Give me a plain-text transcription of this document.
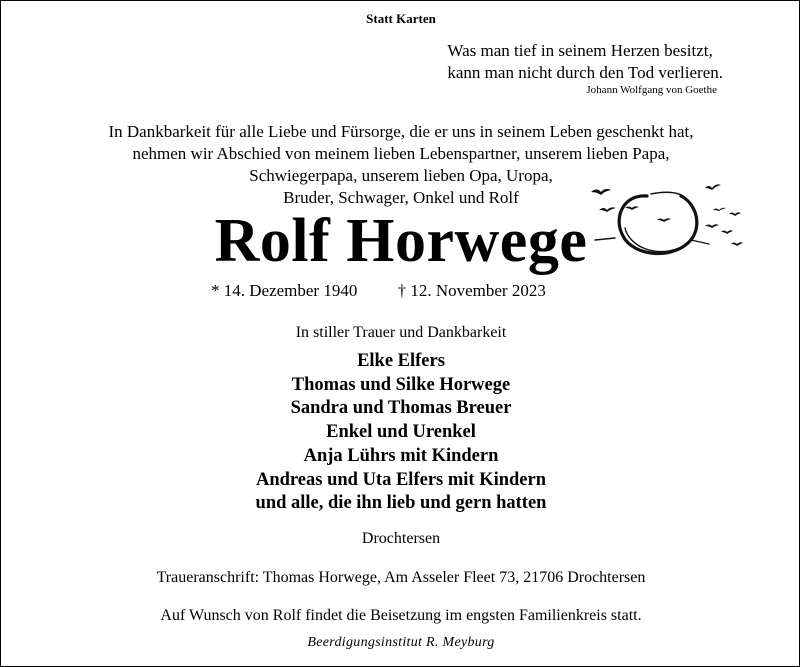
Statt Karten
Was man tief in seinem Herzen besitzt,
kann man nicht durch den Tod verlieren.
Johann Wolfgang von Goethe
In Dankbarkeit für alle Liebe und Fürsorge, die er uns in seinem Leben geschenkt hat,
nehmen wir Abschied von meinem lieben Lebenspartner, unserem lieben Papa,
Schwiegerpapa, unserem lieben Opa, Uropa,
Bruder, Schwager, Onkel und Rolf
Rolf Horwege
* 14. Dezember 1940 † 12. November 2023
In stiller Trauer und Dankbarkeit
Elke Elfers
Thomas und Silke Horwege
Sandra und Thomas Breuer
Enkel und Urenkel
Anja Lührs mit Kindern
Andreas und Uta Elfers mit Kindern
und alle, die ihn lieb und gern hatten
Drochtersen
Traueranschrift: Thomas Horwege, Am Asseler Fleet 73, 21706 Drochtersen
Auf Wunsch von Rolf findet die Beisetzung im engsten Familienkreis statt.
Beerdigungsinstitut R. Meyburg
